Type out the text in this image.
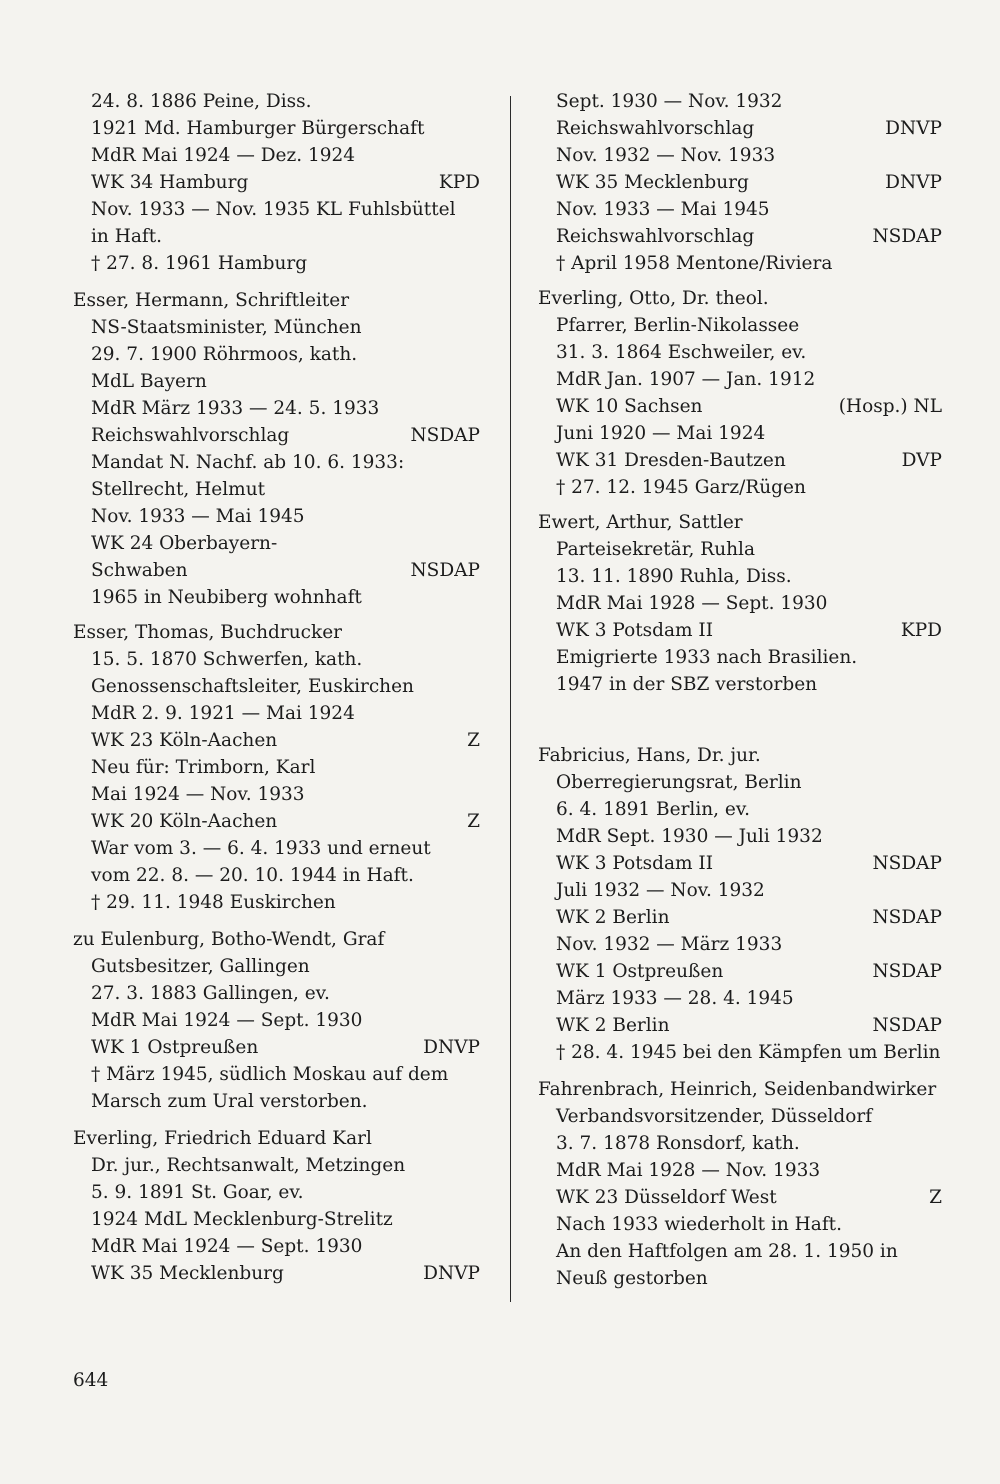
24. 8. 1886 Peine, Diss.
1921 Md. Hamburger Bürgerschaft
MdR Mai 1924 — Dez. 1924
WK 34 Hamburg	KPD
Nov. 1933 — Nov. 1935 KL Fuhlsbüttel
in Haft.
† 27. 8. 1961 Hamburg
Esser, Hermann, Schriftleiter
NS-Staatsminister, München
29. 7. 1900 Röhrmoos, kath.
MdL Bayern
MdR März 1933 — 24. 5. 1933
Reichswahlvorschlag	NSDAP
Mandat N. Nachf. ab 10. 6. 1933:
Stellrecht, Helmut
Nov. 1933 — Mai 1945
WK 24 Oberbayern-
Schwaben	NSDAP
1965 in Neubiberg wohnhaft
Esser, Thomas, Buchdrucker
15. 5. 1870 Schwerfen, kath.
Genossenschaftsleiter, Euskirchen
MdR 2. 9. 1921 — Mai 1924
WK 23 Köln-Aachen	Z
Neu für: Trimborn, Karl
Mai 1924 — Nov. 1933
WK 20 Köln-Aachen	Z
War vom 3. — 6. 4. 1933 und erneut
vom 22. 8. — 20. 10. 1944 in Haft.
† 29. 11. 1948 Euskirchen
zu Eulenburg, Botho-Wendt, Graf
Gutsbesitzer, Gallingen
27. 3. 1883 Gallingen, ev.
MdR Mai 1924 — Sept. 1930
WK 1 Ostpreußen	DNVP
† März 1945, südlich Moskau auf dem
Marsch zum Ural verstorben.
Everling, Friedrich Eduard Karl
Dr. jur., Rechtsanwalt, Metzingen
5. 9. 1891 St. Goar, ev.
1924 MdL Mecklenburg-Strelitz
MdR Mai 1924 — Sept. 1930
WK 35 Mecklenburg	DNVP
Sept. 1930 — Nov. 1932
Reichswahlvorschlag	DNVP
Nov. 1932 — Nov. 1933
WK 35 Mecklenburg	DNVP
Nov. 1933 — Mai 1945
Reichswahlvorschlag	NSDAP
† April 1958 Mentone/Riviera
Everling, Otto, Dr. theol.
Pfarrer, Berlin-Nikolassee
31. 3. 1864 Eschweiler, ev.
MdR Jan. 1907 — Jan. 1912
WK 10 Sachsen	(Hosp.) NL
Juni 1920 — Mai 1924
WK 31 Dresden-Bautzen	DVP
† 27. 12. 1945 Garz/Rügen
Ewert, Arthur, Sattler
Parteisekretär, Ruhla
13. 11. 1890 Ruhla, Diss.
MdR Mai 1928 — Sept. 1930
WK 3 Potsdam II	KPD
Emigrierte 1933 nach Brasilien.
1947 in der SBZ verstorben
Fabricius, Hans, Dr. jur.
Oberregierungsrat, Berlin
6. 4. 1891 Berlin, ev.
MdR Sept. 1930 — Juli 1932
WK 3 Potsdam II	NSDAP
Juli 1932 — Nov. 1932
WK 2 Berlin	NSDAP
Nov. 1932 — März 1933
WK 1 Ostpreußen	NSDAP
März 1933 — 28. 4. 1945
WK 2 Berlin	NSDAP
† 28. 4. 1945 bei den Kämpfen um Berlin
Fahrenbrach, Heinrich, Seidenbandwirker
Verbandsvorsitzender, Düsseldorf
3. 7. 1878 Ronsdorf, kath.
MdR Mai 1928 — Nov. 1933
WK 23 Düsseldorf West	Z
Nach 1933 wiederholt in Haft.
An den Haftfolgen am 28. 1. 1950 in
Neuß gestorben
644
